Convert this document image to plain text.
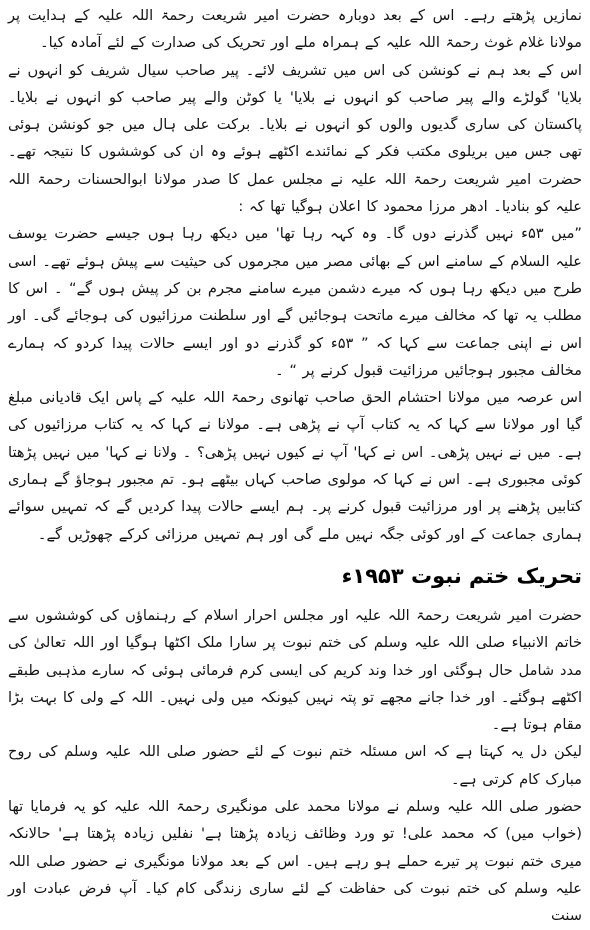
نمازیں پڑھتے رہے۔ اس کے بعد دوبارہ حضرت امیر شریعت رحمۃ اللہ علیہ کے ہدایت پر مولانا غلام غوث رحمۃ اللہ علیہ کے ہمراہ ملے اور تحریک کی صدارت کے لئے آمادہ کیا۔

اس کے بعد ہم نے کونشن کی اس میں تشریف لائے۔ پیر صاحب سیال شریف کو انہوں نے بلایا' گولڑے والے پیر صاحب کو انہوں نے بلایا' یا کوٹن والے پیر صاحب کو انہوں نے بلایا۔ پاکستان کی ساری گدیوں والوں کو انہوں نے بلایا۔ برکت علی ہال میں جو کونشن ہوئی تھی جس میں بریلوی مکتب فکر کے نمائندے اکٹھے ہوئے وہ ان کی کوششوں کا نتیجہ تھے۔ حضرت امیر شریعت رحمۃ اللہ علیہ نے مجلس عمل کا صدر مولانا ابوالحسنات رحمۃ اللہ علیہ کو بنادیا۔ ادھر مرزا محمود کا اعلان ہوگیا تھا کہ :

”میں ۵۳ء نہیں گذرنے دوں گا۔ وہ کہہ رہا تھا' میں دیکھ رہا ہوں جیسے حضرت یوسف علیہ السلام کے سامنے اس کے بھائی مصر میں مجرموں کی حیثیت سے پیش ہوئے تھے۔ اسی طرح میں دیکھ رہا ہوں کہ میرے دشمن میرے سامنے مجرم بن کر پیش ہوں گے“ ۔ اس کا مطلب یہ تھا کہ مخالف میرے ماتحت ہوجائیں گے اور سلطنت مرزائیوں کی ہوجائے گی۔ اور اس نے اپنی جماعت سے کہا کہ ” ۵۳ء کو گذرنے دو اور ایسے حالات پیدا کردو کہ ہمارے مخالف مجبور ہوجائیں مرزائیت قبول کرنے پر “ ۔

اس عرصہ میں مولانا احتشام الحق صاحب تھانوی رحمۃ اللہ علیہ کے پاس ایک قادیانی مبلغ گیا اور مولانا سے کہا کہ یہ کتاب آپ نے پڑھی ہے۔ مولانا نے کہا کہ یہ کتاب مرزائیوں کی ہے۔ میں نے نہیں پڑھی۔ اس نے کہا' آپ نے کیوں نہیں پڑھی؟ ۔ ولانا نے کہا' میں نہیں پڑھتا کوئی مجبوری ہے۔ اس نے کہا کہ مولوی صاحب کہاں بیٹھے ہو۔ تم مجبور ہوجاؤ گے ہماری کتابیں پڑھنے پر اور مرزائیت قبول کرنے پر۔ ہم ایسے حالات پیدا کردیں گے کہ تمہیں سوائے ہماری جماعت کے اور کوئی جگہ نہیں ملے گی اور ہم تمہیں مرزائی کرکے چھوڑیں گے۔

تحریک ختم نبوت ۱۹۵۳ء

حضرت امیر شریعت رحمۃ اللہ علیہ اور مجلس احرار اسلام کے رہنماؤں کی کوششوں سے خاتم الانبیاء صلی اللہ علیہ وسلم کی ختم نبوت پر سارا ملک اکٹھا ہوگیا اور اللہ تعالیٰ کی مدد شامل حال ہوگئی اور خدا وند کریم کی ایسی کرم فرمائی ہوئی کہ سارے مذہبی طبقے اکٹھے ہوگئے۔ اور خدا جانے مجھے تو پتہ نہیں کیونکہ میں ولی نہیں۔ اللہ کے ولی کا بہت بڑا مقام ہوتا ہے۔

لیکن دل یہ کہتا ہے کہ اس مسئلہ ختم نبوت کے لئے حضور صلی اللہ علیہ وسلم کی روح مبارک کام کرتی ہے۔

حضور صلی اللہ علیہ وسلم نے مولانا محمد علی مونگیری رحمۃ اللہ علیہ کو یہ فرمایا تھا (خواب میں) کہ محمد علی! تو ورد وظائف زیادہ پڑھتا ہے' نفلیں زیادہ پڑھتا ہے' حالانکہ میری ختم نبوت پر تیرے حملے ہو رہے ہیں۔ اس کے بعد مولانا مونگیری نے حضور صلی اللہ علیہ وسلم کی ختم نبوت کی حفاظت کے لئے ساری زندگی کام کیا۔ آپ فرض عبادت اور سنت
